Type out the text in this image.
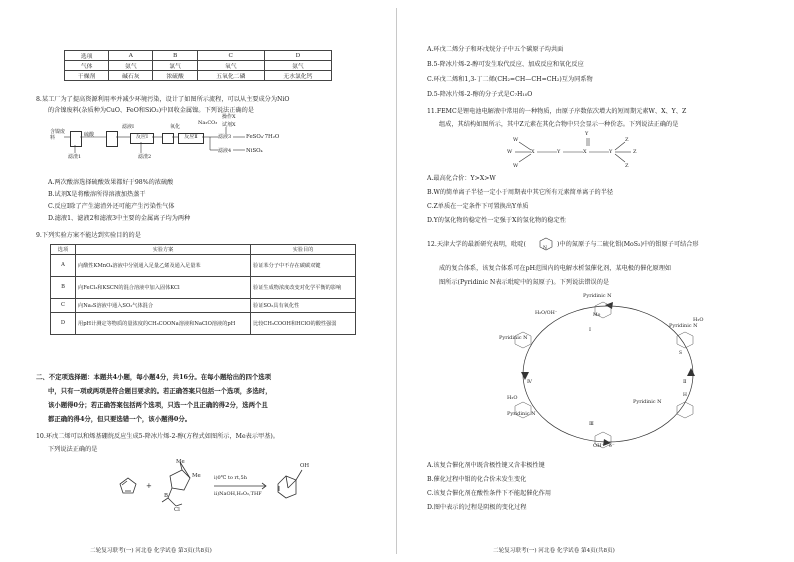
选项	A	B	C	D
气体	氨气	氯气	氧气	氨气
干燥剂	碱石灰	浓硫酸	五氧化二磷	无水氯化钙
8.某工厂为了提高资源利用率并减少环境污染，设计了如图所示流程，可以从主要成分为NiO
的含镍废料(杂质种为CuO、FeO和SiO₂)中回收金属镍。下列说法正确的是
含镍废料	硫酸
滤渣1
滤液Ⅰ
反应Ⅰ
滤渣2
氧化
反应Ⅱ
Na₂CO₃
操作X
试剂X
滤液3	FeSO₄·7H₂O
滤液4	NiSO₄
A.两次酸溶选择硫酸效果都好于98%的浓硫酸
B.试剂X是将酸溶所得溶液加热蒸干
C.反应Ⅰ除了产生滤渣外还可能产生污染性气体
D.滤液1、滤液2和滤液3中主要的金属离子均为两种
9.下列实验方案不能达到实验目的的是
选项	实验方案	实验目的
A	向酸性KMnO₄溶液中分别通入足量乙烯及通入足量苯	验证苯分子中不存在碳碳双键
B	向FeCl₃和KSCN的混合溶液中加入固体KCl	验证生成物浓度改变对化学平衡的影响
C	向Na₂S溶液中通入SO₂气体混合	验证SO₂具有氧化性
D	用pH计测定等物质的量浓度的CH₃COONa溶液和NaClO溶液的pH	比较CH₃COOH和HClO的酸性强弱
二、不定项选择题：本题共4小题，每小题4分，共16分。在每小题给出的四个选项
中，只有一项或两项是符合题目要求的。若正确答案只包括一个选项，多选时，
该小题得0分；若正确答案包括两个选项，只选一个且正确的得2分，选两个且
都正确的得4分，但只要选错一个，该小题得0分。
10.环戊二烯可以和烯基硼烷反应生成5-降冰片烯-2-醇(方程式如图所示，Me表示甲基)。
下列说法正确的是
+
Me
Me
B
Cl
i)0℃ to rt,5h
ii)NaOH,H₂O₂,THF
OH
二轮复习联考(一) 河北卷 化学试卷 第3页(共8页)
A.环戊二烯分子和环戊烷分子中五个碳原子均共面
B.5-降冰片烯-2-醇可发生取代反应、加成反应和氧化反应
C.环戊二烯和1,3-丁二烯(CH₂=CH—CH=CH₂)互为同系物
D.5-降冰片烯-2-醇的分子式是C₇H₁₀O
11.FEMC是锂电池电解液中常用的一种物质，由原子序数依次增大的短周期元素W、X、Y、Z
组成，其结构如图所示，其中Z元素在其化合物中只会显示一种价态。下列说法正确的是
W
W
W
X	Y	X
Y
Y
Z
Z
Z
A.最高化合价：Y>X>W
B.W的简单离子半径一定小于周期表中其它所有元素简单离子的半径
C.Z单质在一定条件下可置换出Y单质
D.Y的氢化物的稳定性一定强于X的氢化物的稳定性
12.天津大学的最新研究表明，吡啶(
N
)中的氮原子与二硫化钼(MoS₂)中的钼原子可结合形
成的复合体系，该复合体系可在pH范围内的电解水析氢催化剂，某电极的催化原理如
图所示(Pyridinic N表示吡啶中的氮原子)。下列说法错误的是
Pyridinic N
H₂O/OH⁻
Pyridinic N
Pyridinic N
H₂O
H₂O
Pyridinic N
Pyridinic N
OH⁻ e⁻
Ⅳ	Ⅱ
Ⅰ
Ⅲ
Mo
S
H
A.该复合催化剂中既含极性键又含非极性键
B.催化过程中钼的化合价未发生变化
C.该复合催化剂在酸性条件下不能起催化作用
D.图中表示的过程是阴极的变化过程
二轮复习联考(一) 河北卷 化学试卷 第4页(共8页)
